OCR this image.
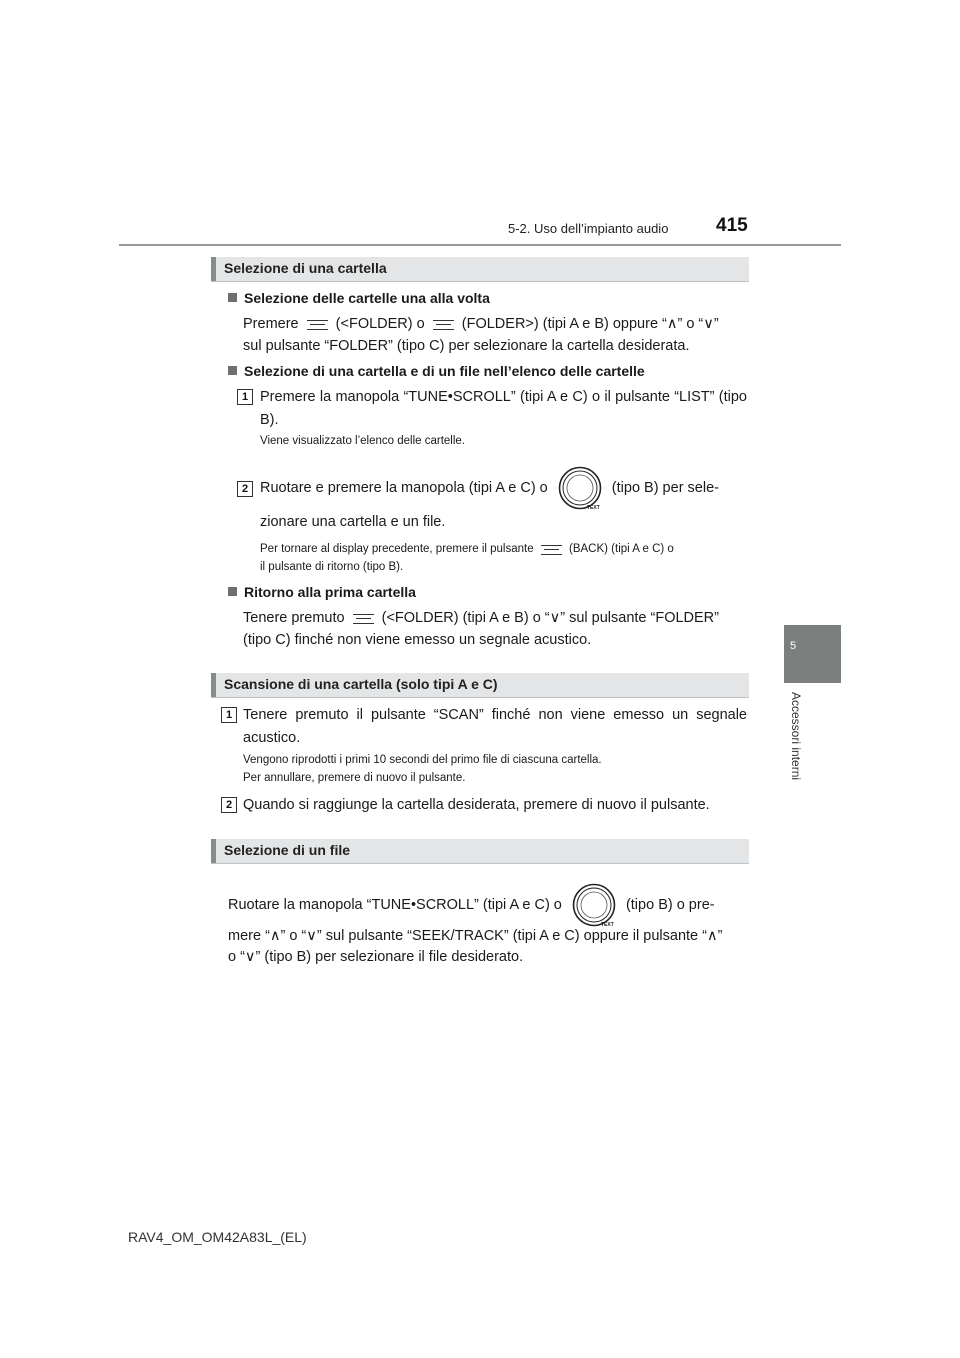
5-2. Uso dell’impianto audio	415
5
Accessori interni
Selezione di una cartella
Selezione delle cartelle una alla volta
Premere	(<FOLDER) o	(FOLDER>) (tipi A e B) oppure “∧” o “∨”
sul pulsante “FOLDER” (tipo C) per selezionare la cartella desiderata.
Selezione di una cartella e di un file nell’elenco delle cartelle
1 Premere la manopola “TUNE•SCROLL” (tipi A e C) o il pulsante “LIST” (tipo B).
Viene visualizzato l’elenco delle cartelle.
2 Ruotare e premere la manopola (tipi A e C) o
TEXT
(tipo B) per sele-
zionare una cartella e un file.
Per tornare al display precedente, premere il pulsante	(BACK) (tipi A e C) o
il pulsante di ritorno (tipo B).
Ritorno alla prima cartella
Tenere premuto	(<FOLDER) (tipi A e B) o “∨” sul pulsante “FOLDER”
(tipo C) finché non viene emesso un segnale acustico.
Scansione di una cartella (solo tipi A e C)
1 Tenere premuto il pulsante “SCAN” finché non viene emesso un segnale acustico.
Vengono riprodotti i primi 10 secondi del primo file di ciascuna cartella.
Per annullare, premere di nuovo il pulsante.
2 Quando si raggiunge la cartella desiderata, premere di nuovo il pulsante.
Selezione di un file
Ruotare la manopola “TUNE•SCROLL” (tipi A e C) o
TEXT
(tipo B) o pre-
mere “∧” o “∨” sul pulsante “SEEK/TRACK” (tipi A e C) oppure il pulsante “∧”
o “∨” (tipo B) per selezionare il file desiderato.
RAV4_OM_OM42A83L_(EL)
